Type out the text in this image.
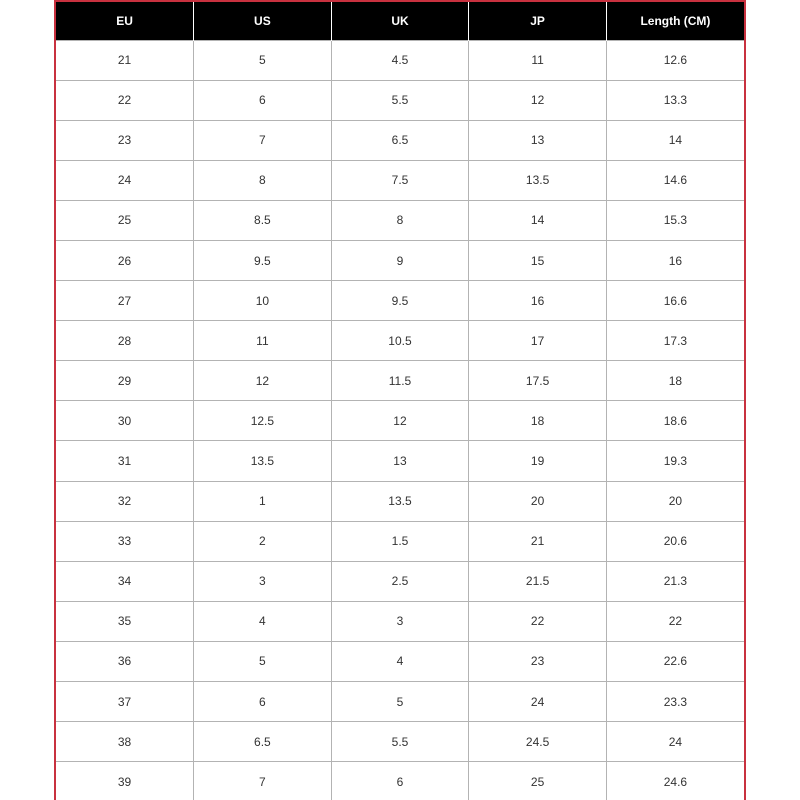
EU	US	UK	JP	Length (CM)
21	5	4.5	11	12.6
22	6	5.5	12	13.3
23	7	6.5	13	14
24	8	7.5	13.5	14.6
25	8.5	8	14	15.3
26	9.5	9	15	16
27	10	9.5	16	16.6
28	11	10.5	17	17.3
29	12	11.5	17.5	18
30	12.5	12	18	18.6
31	13.5	13	19	19.3
32	1	13.5	20	20
33	2	1.5	21	20.6
34	3	2.5	21.5	21.3
35	4	3	22	22
36	5	4	23	22.6
37	6	5	24	23.3
38	6.5	5.5	24.5	24
39	7	6	25	24.6
